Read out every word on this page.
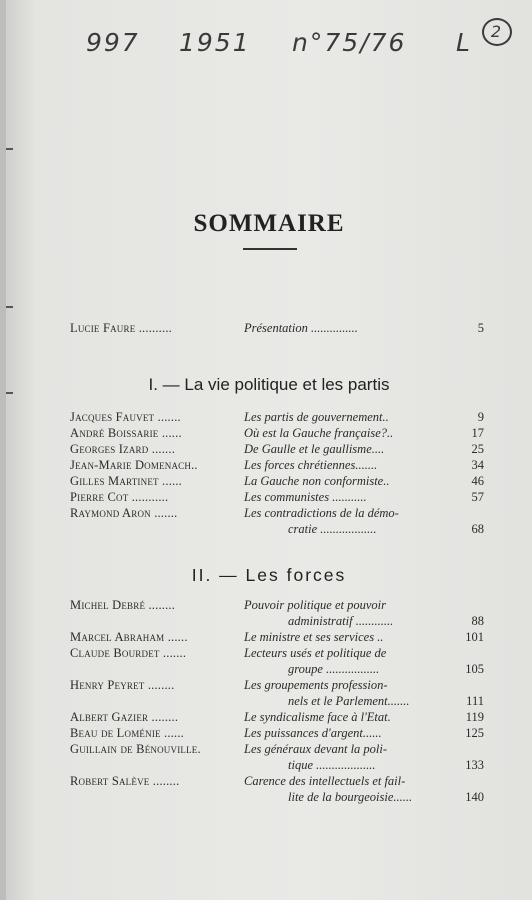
997 1951 n°75/76 L	2
SOMMAIRE
Lucie Faure ..........	Présentation ...............	5
I. — La vie politique et les partis
Jacques Fauvet .......	Les partis de gouvernement..	9
André Boissarie ......	Où est la Gauche française?..	17
Georges Izard .......	De Gaulle et le gaullisme....	25
Jean-Marie Domenach..	Les forces chrétiennes.......	34
Gilles Martinet ......	La Gauche non conformiste..	46
Pierre Cot ...........	Les communistes ...........	57
Raymond Aron .......	Les contradictions de la démo-
cratie ..................	68
II. — Les forces
Michel Debré ........	Pouvoir politique et pouvoir
administratif ............	88
Marcel Abraham ......	Le ministre et ses services ..	101
Claude Bourdet .......	Lecteurs usés et politique de
groupe .................	105
Henry Peyret ........	Les groupements profession-
nels et le Parlement.......	111
Albert Gazier ........	Le syndicalisme face à l'Etat.	119
Beau de Loménie ......	Les puissances d'argent......	125
Guillain de Bénouville.	Les généraux devant la poli-
tique ...................	133
Robert Salève ........	Carence des intellectuels et fail-
lite de la bourgeoisie......	140
